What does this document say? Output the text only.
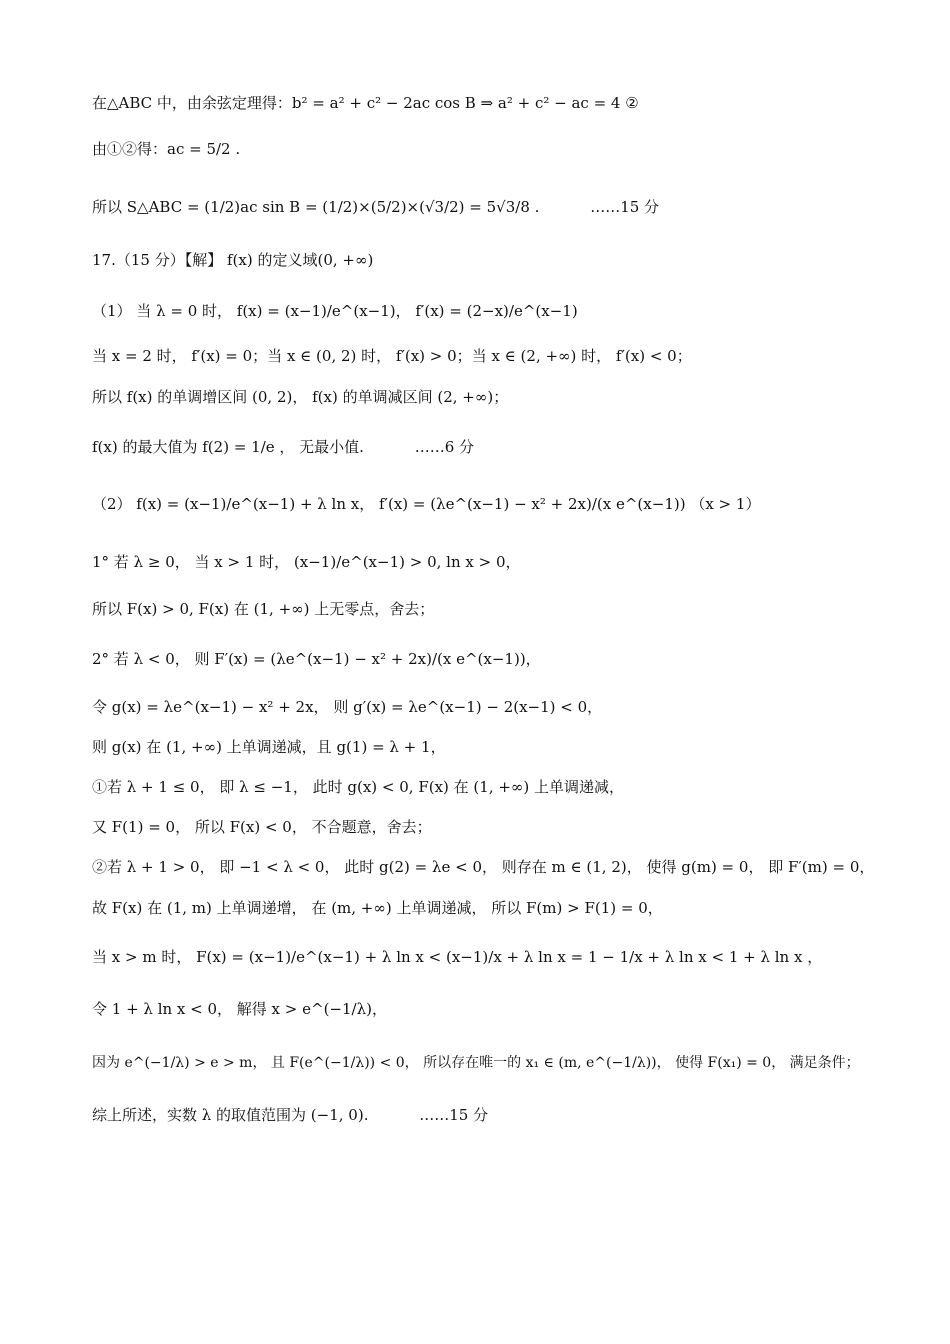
在△ABC 中，由余弦定理得：b² = a² + c² − 2ac cos B ⇒ a² + c² − ac = 4 ②
由①②得：ac = 5/2 .
所以 S△ABC = (1/2)ac sin B = (1/2)×(5/2)×(√3/2) = 5√3/8 .	……15 分
17.（15 分）【解】 f(x) 的定义域(0, +∞)
（1） 当 λ = 0 时， f(x) = (x−1)/e^(x−1)， f′(x) = (2−x)/e^(x−1)
当 x = 2 时， f′(x) = 0；当 x ∈ (0, 2) 时， f′(x) > 0；当 x ∈ (2, +∞) 时， f′(x) < 0；
所以 f(x) 的单调增区间 (0, 2)， f(x) 的单调减区间 (2, +∞)；
f(x) 的最大值为 f(2) = 1/e ， 无最小值.	……6 分
（2） f(x) = (x−1)/e^(x−1) + λ ln x， f′(x) = (λe^(x−1) − x² + 2x)/(x e^(x−1)) （x > 1）
1° 若 λ ≥ 0， 当 x > 1 时， (x−1)/e^(x−1) > 0, ln x > 0，
所以 F(x) > 0, F(x) 在 (1, +∞) 上无零点，舍去；
2° 若 λ < 0， 则 F′(x) = (λe^(x−1) − x² + 2x)/(x e^(x−1))，
令 g(x) = λe^(x−1) − x² + 2x， 则 g′(x) = λe^(x−1) − 2(x−1) < 0，
则 g(x) 在 (1, +∞) 上单调递减，且 g(1) = λ + 1，
①若 λ + 1 ≤ 0， 即 λ ≤ −1， 此时 g(x) < 0, F(x) 在 (1, +∞) 上单调递减，
又 F(1) = 0， 所以 F(x) < 0， 不合题意，舍去；
②若 λ + 1 > 0， 即 −1 < λ < 0， 此时 g(2) = λe < 0， 则存在 m ∈ (1, 2)， 使得 g(m) = 0， 即 F′(m) = 0，
故 F(x) 在 (1, m) 上单调递增， 在 (m, +∞) 上单调递减， 所以 F(m) > F(1) = 0，
当 x > m 时， F(x) = (x−1)/e^(x−1) + λ ln x < (x−1)/x + λ ln x = 1 − 1/x + λ ln x < 1 + λ ln x ，
令 1 + λ ln x < 0， 解得 x > e^(−1/λ)，
因为 e^(−1/λ) > e > m， 且 F(e^(−1/λ)) < 0， 所以存在唯一的 x₁ ∈ (m, e^(−1/λ))， 使得 F(x₁) = 0， 满足条件；
综上所述，实数 λ 的取值范围为 (−1, 0).	……15 分
